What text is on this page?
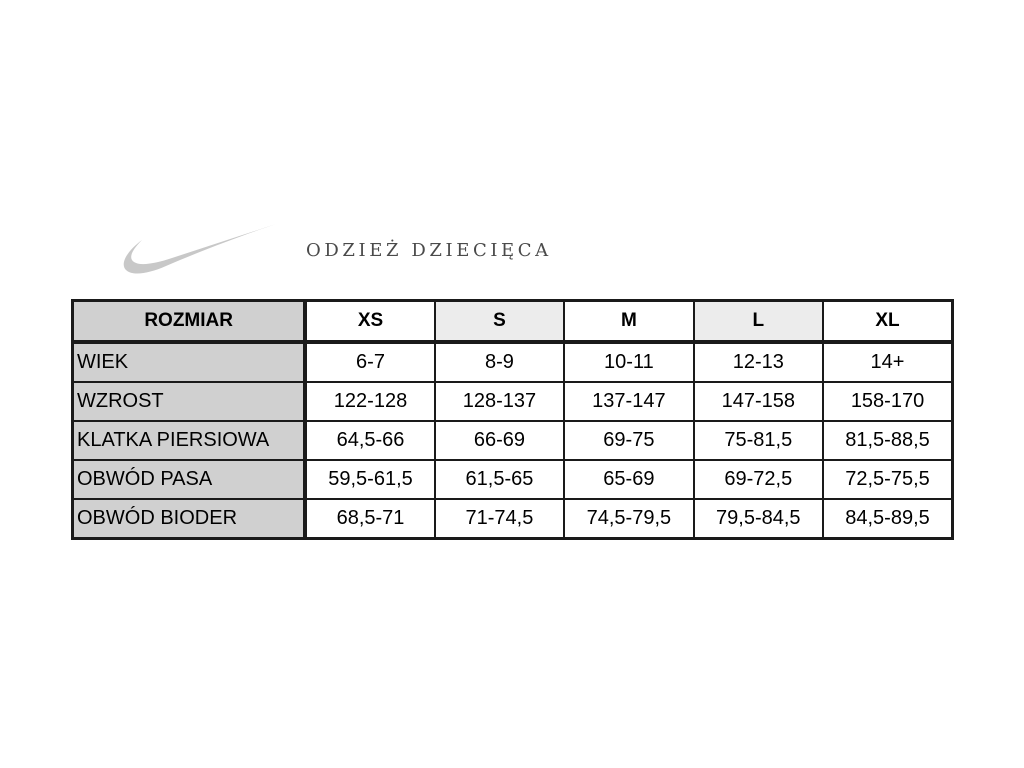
ODZIEŻ DZIECIĘCA
ROZMIAR	XS	S	M	L	XL
WIEK	6-7	8-9	10-11	12-13	14+
WZROST	122-128	128-137	137-147	147-158	158-170
KLATKA PIERSIOWA	64,5-66	66-69	69-75	75-81,5	81,5-88,5
OBWÓD PASA	59,5-61,5	61,5-65	65-69	69-72,5	72,5-75,5
OBWÓD BIODER	68,5-71	71-74,5	74,5-79,5	79,5-84,5	84,5-89,5
